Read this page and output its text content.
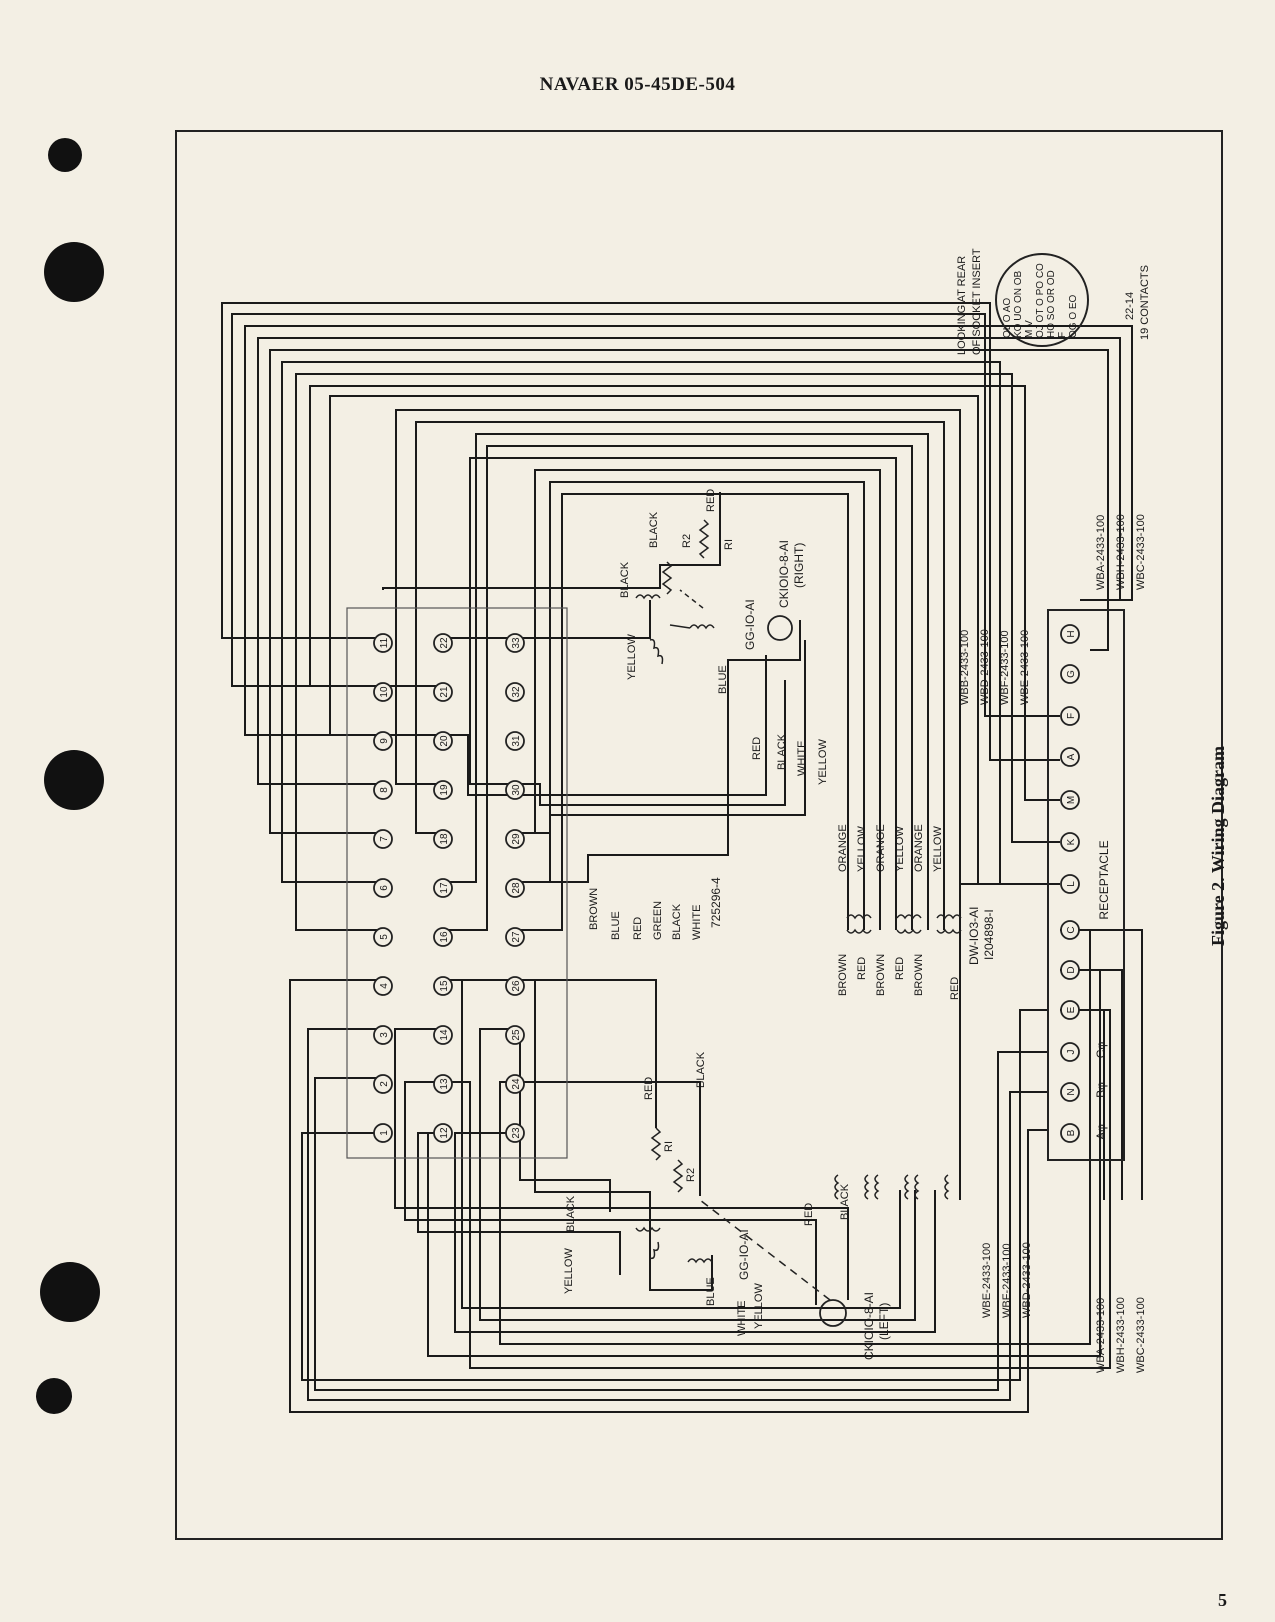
NAVAER 05-45DE-504
Figure 2. Wiring Diagram
5
1
2
3
4
5
6
7
8
9
10
11
12
13
14
15
16
17
18
19
20
21
22
23
24
25
26
27
28
29
30
31
32
33
B
N
J
E
D
C
L
K
M
A
F
G
H
RECEPTACLE
Aφ
Bφ
Cφ
OL O AO KO UO ON OB M V OJ OT O PO CO HO SO OR OD F OG O EO
LOOKING AT REAR OF SOCKET INSERT	22-14 19 CONTACTS
WBB-2433-100 WBD-2433-100 WBF-2433-100 WBE-2433-100
WBA-2433-100 WBH-2433-100 WBC-2433-100
WBE-2433-100 WBF-2433-100 WBD-2433-100
WBA-2433-100 WBH-2433-100 WBC-2433-100
CKIOIO-8-AI (RIGHT)
GG-IO-AI
CKIOIO-8-AI (LEFT)
GG-IO-AI
DW-IO3-AI I204898-I
725296-4
RI
R2
RI
R2
BLACK
RED
BLACK
YELLOW	BLUE
RED BLACK WHITE YELLOW
ORANGE YELLOW ORANGE YELLOW ORANGE YELLOW
BROWN RED BROWN RED BROWN RED
BROWN BLUE RED GREEN BLACK WHITE
RED
BLACK
RED BLACK
BLACK
YELLOW	BLUE	YELLOW
WHITE
